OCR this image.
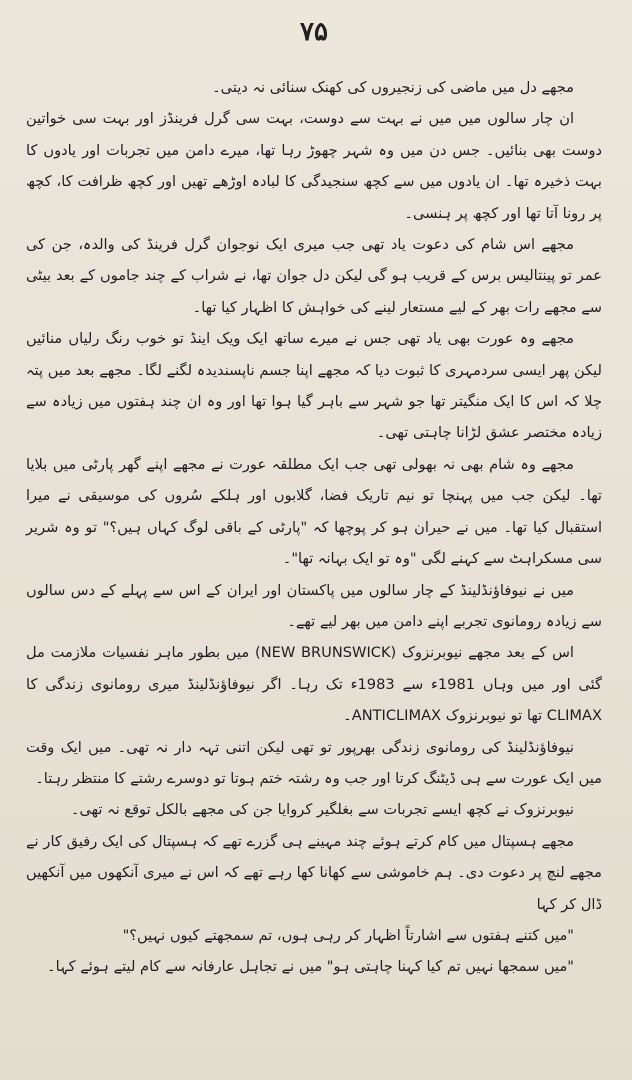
۷۵

مجھے دل میں ماضی کی زنجیروں کی کھنک سنائی نہ دیتی۔

ان چار سالوں میں میں نے بہت سے دوست، بہت سی گرل فرینڈز اور بہت سی خواتین دوست بھی بنائیں۔ جس دن میں وہ شہر چھوڑ رہا تھا، میرے دامن میں تجربات اور یادوں کا بہت ذخیرہ تھا۔ ان یادوں میں سے کچھ سنجیدگی کا لبادہ اوڑھے تھیں اور کچھ ظرافت کا، کچھ پر رونا آتا تھا اور کچھ پر ہنسی۔

مجھے اس شام کی دعوت یاد تھی جب میری ایک نوجوان گرل فرینڈ کی والدہ، جن کی عمر تو پینتالیس برس کے قریب ہو گی لیکن دل جوان تھا، نے شراب کے چند جاموں کے بعد بیٹی سے مجھے رات بھر کے لیے مستعار لینے کی خواہش کا اظہار کیا تھا۔

مجھے وہ عورت بھی یاد تھی جس نے میرے ساتھ ایک ویک اینڈ تو خوب رنگ رلیاں منائیں لیکن پھر ایسی سردمہری کا ثبوت دیا کہ مجھے اپنا جسم ناپسندیدہ لگنے لگا۔ مجھے بعد میں پتہ چلا کہ اس کا ایک منگیتر تھا جو شہر سے باہر گیا ہوا تھا اور وہ ان چند ہفتوں میں زیادہ سے زیادہ مختصر عشق لڑانا چاہتی تھی۔

مجھے وہ شام بھی نہ بھولی تھی جب ایک مطلقہ عورت نے مجھے اپنے گھر پارٹی میں بلایا تھا۔ لیکن جب میں پہنچا تو نیم تاریک فضا، گلابوں اور ہلکے سُروں کی موسیقی نے میرا استقبال کیا تھا۔ میں نے حیران ہو کر پوچھا کہ "پارٹی کے باقی لوگ کہاں ہیں؟" تو وہ شریر سی مسکراہٹ سے کہنے لگی "وہ تو ایک بہانہ تھا"۔

میں نے نیوفاؤنڈلینڈ کے چار سالوں میں پاکستان اور ایران کے اس سے پہلے کے دس سالوں سے زیادہ رومانوی تجربے اپنے دامن میں بھر لیے تھے۔

اس کے بعد مجھے نیوبرنزوک (NEW BRUNSWICK) میں بطور ماہر نفسیات ملازمت مل گئی اور میں وہاں 1981ء سے 1983ء تک رہا۔ اگر نیوفاؤنڈلینڈ میری رومانوی زندگی کا CLIMAX تھا تو نیوبرنزوک ANTICLIMAX۔

نیوفاؤنڈلینڈ کی رومانوی زندگی بھرپور تو تھی لیکن اتنی تہہ دار نہ تھی۔ میں ایک وقت میں ایک عورت سے ہی ڈیٹنگ کرتا اور جب وہ رشتہ ختم ہوتا تو دوسرے رشتے کا منتظر رہتا۔

نیوبرنزوک نے کچھ ایسے تجربات سے بغلگیر کروایا جن کی مجھے بالکل توقع نہ تھی۔

مجھے ہسپتال میں کام کرتے ہوئے چند مہینے ہی گزرے تھے کہ ہسپتال کی ایک رفیق کار نے مجھے لنچ پر دعوت دی۔ ہم خاموشی سے کھانا کھا رہے تھے کہ اس نے میری آنکھوں میں آنکھیں ڈال کر کہا

"میں کتنے ہفتوں سے اشارتاً اظہار کر رہی ہوں، تم سمجھتے کیوں نہیں؟"

"میں سمجھا نہیں تم کیا کہنا چاہتی ہو" میں نے تجاہل عارفانہ سے کام لیتے ہوئے کہا۔
